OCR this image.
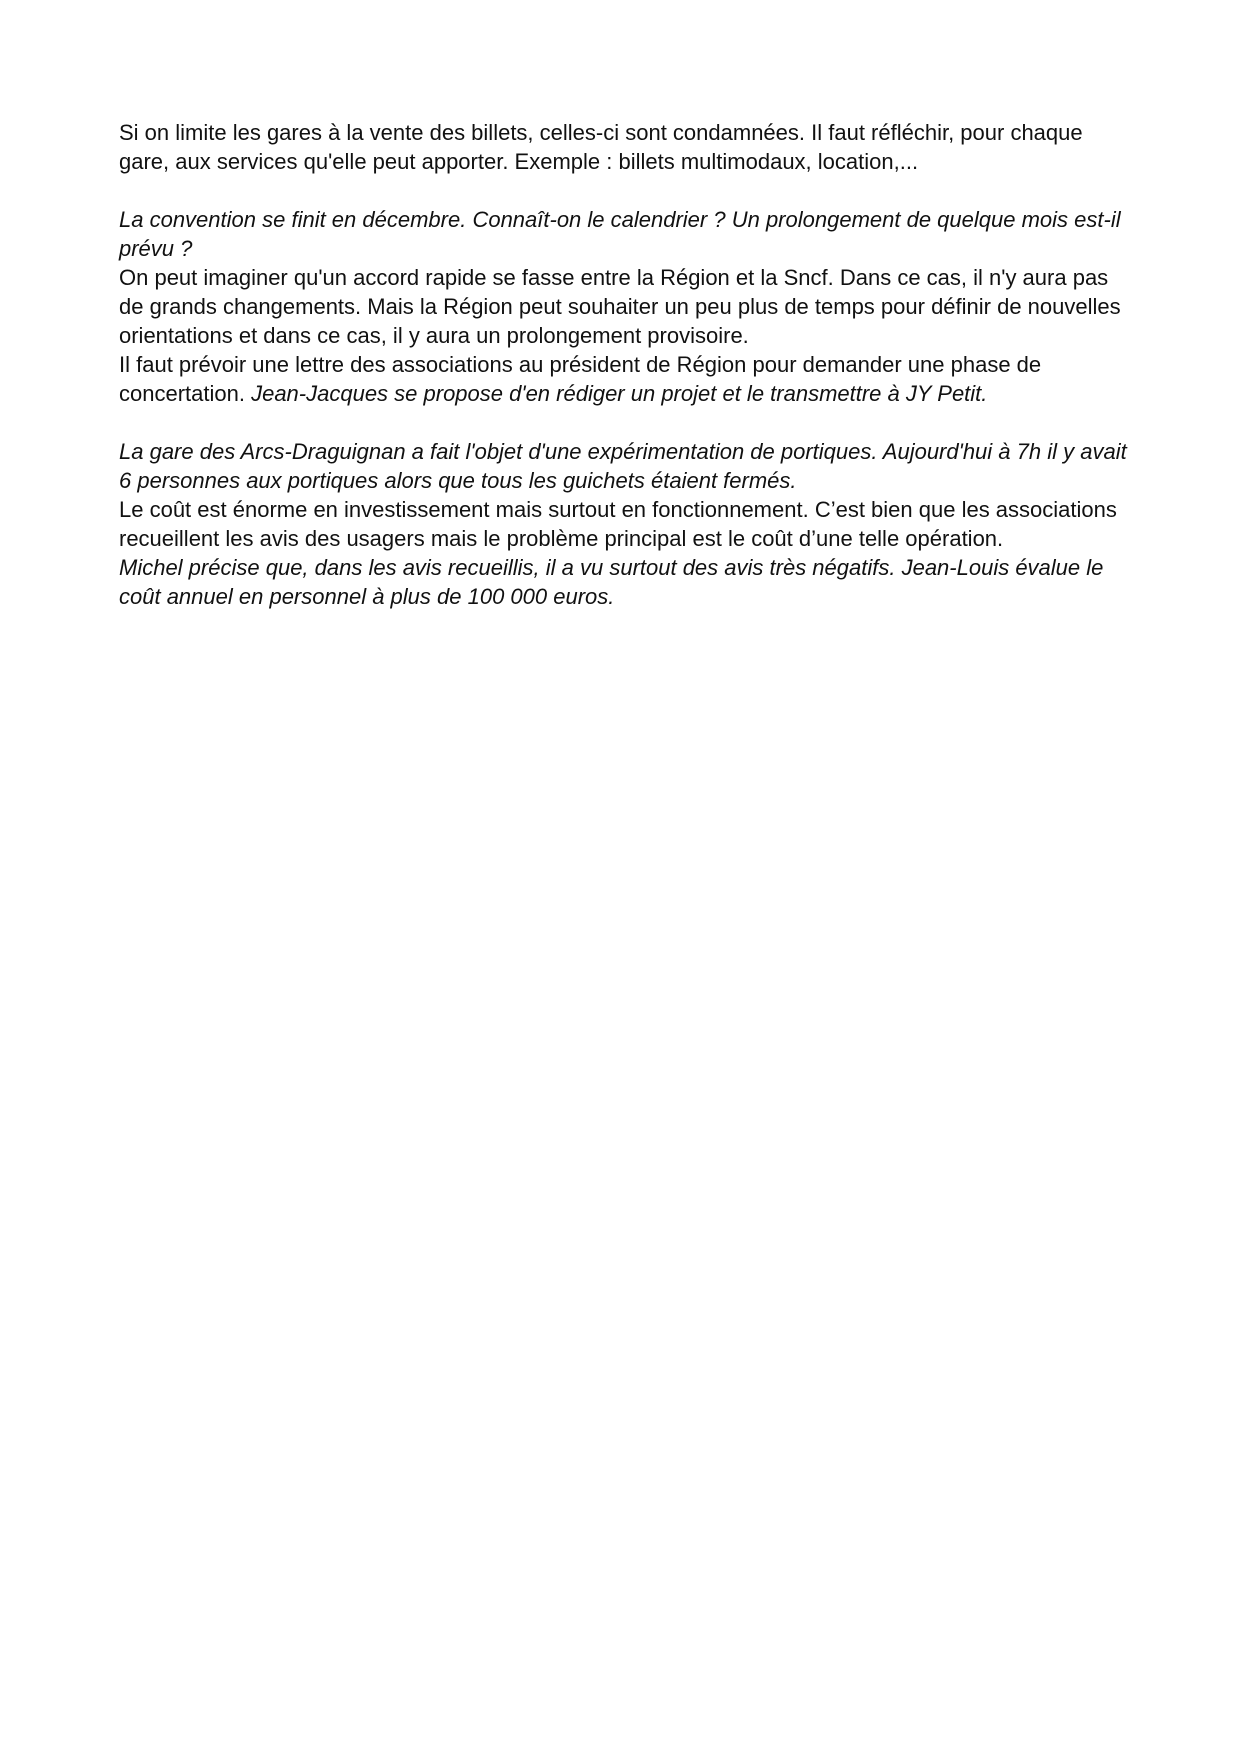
Si on limite les gares à la vente des billets, celles-ci sont condamnées. Il faut réfléchir, pour chaque gare, aux services qu'elle peut apporter. Exemple : billets multimodaux, location,...

La convention se finit en décembre. Connaît-on le calendrier ? Un prolongement de quelque mois est-il prévu ?

On peut imaginer qu'un accord rapide se fasse entre la Région et la Sncf. Dans ce cas, il n'y aura pas de grands changements. Mais la Région peut souhaiter un peu plus de temps pour définir de nouvelles orientations et dans ce cas, il y aura un prolongement provisoire.

Il faut prévoir une lettre des associations au président de Région pour demander une phase de concertation. Jean-Jacques se propose d'en rédiger un projet et le transmettre à JY Petit.

La gare des Arcs-Draguignan a fait l'objet d'une expérimentation de portiques. Aujourd'hui à 7h il y avait 6 personnes aux portiques alors que tous les guichets étaient fermés.

Le coût est énorme en investissement mais surtout en fonctionnement. C’est bien que les associations recueillent les avis des usagers mais le problème principal est le coût d’une telle opération.

Michel précise que, dans les avis recueillis, il a vu surtout des avis très négatifs. Jean-Louis évalue le coût annuel en personnel à plus de 100 000 euros.
